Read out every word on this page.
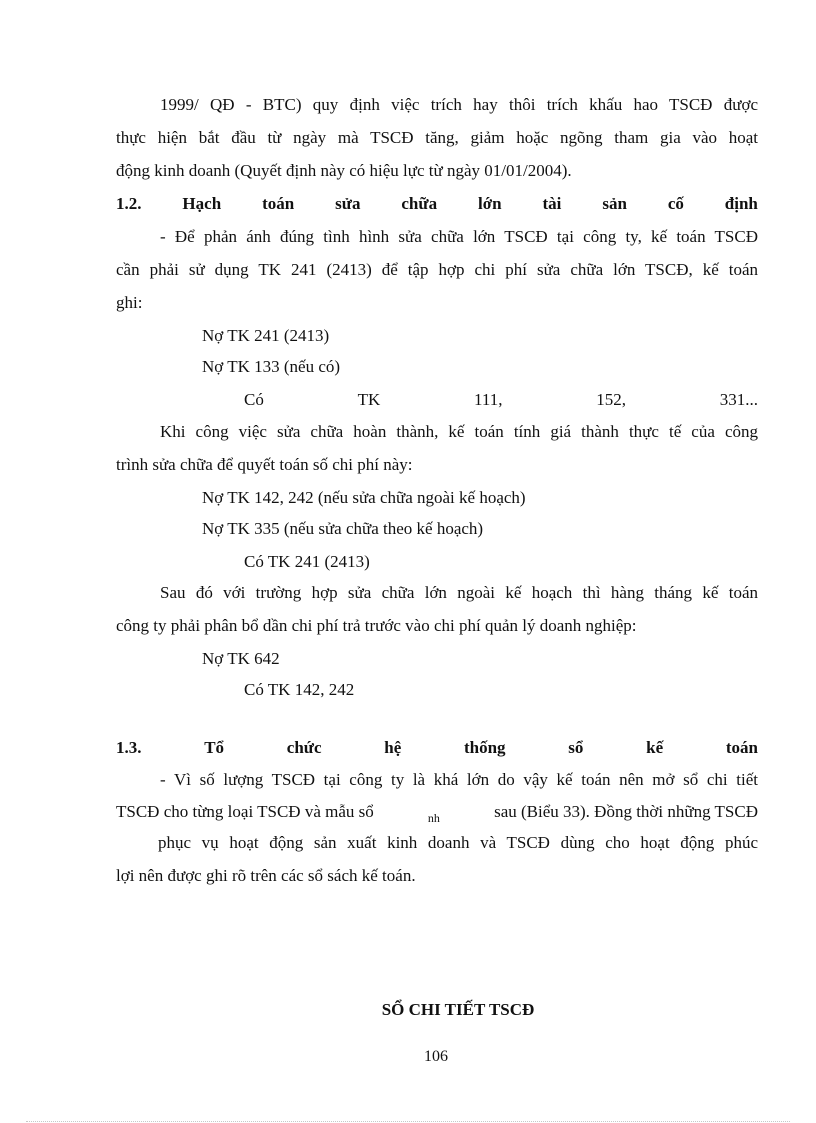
1999/ QĐ - BTC) quy định việc trích hay thôi trích khấu hao TSCĐ được
thực hiện bắt đầu từ ngày mà TSCĐ tăng, giảm hoặc ngõng tham gia vào hoạt
động kinh doanh (Quyết định này có hiệu lực từ ngày 01/01/2004).
1.2. Hạch toán sửa chữa lớn tài sản cố định
- Để phản ánh đúng tình hình sửa chữa lớn TSCĐ tại công ty, kế toán TSCĐ
cần phải sử dụng TK 241 (2413) để tập hợp chi phí sửa chữa lớn TSCĐ, kế toán
ghi:
Nợ TK 241 (2413)
Nợ TK 133 (nếu có)
Có	TK	111,	152,	331...
Khi công việc sửa chữa hoàn thành, kế toán tính giá thành thực tế của công
trình sửa chữa để quyết toán số chi phí này:
Nợ TK 142, 242 (nếu sửa chữa ngoài kế hoạch)
Nợ TK 335 (nếu sửa chữa theo kế hoạch)
Có TK 241 (2413)
Sau đó với trường hợp sửa chữa lớn ngoài kế hoạch thì hàng tháng kế toán
công ty phải phân bổ dần chi phí trả trước vào chi phí quản lý doanh nghiệp:
Nợ TK 642
Có TK 142, 242
1.3.	Tổ	chức	hệ	thống	sổ	kế	toán
- Vì số lượng TSCĐ tại công ty là khá lớn do vậy kế toán nên mở sổ chi tiết
TSCĐ cho từng loại TSCĐ và mẫu sổ	nh	sau (Biểu 33). Đồng thời những TSCĐ
phục vụ hoạt động sản xuất kinh doanh và TSCĐ dùng cho hoạt động phúc
lợi nên được ghi rõ trên các sổ sách kế toán.
SỔ CHI TIẾT TSCĐ
106
